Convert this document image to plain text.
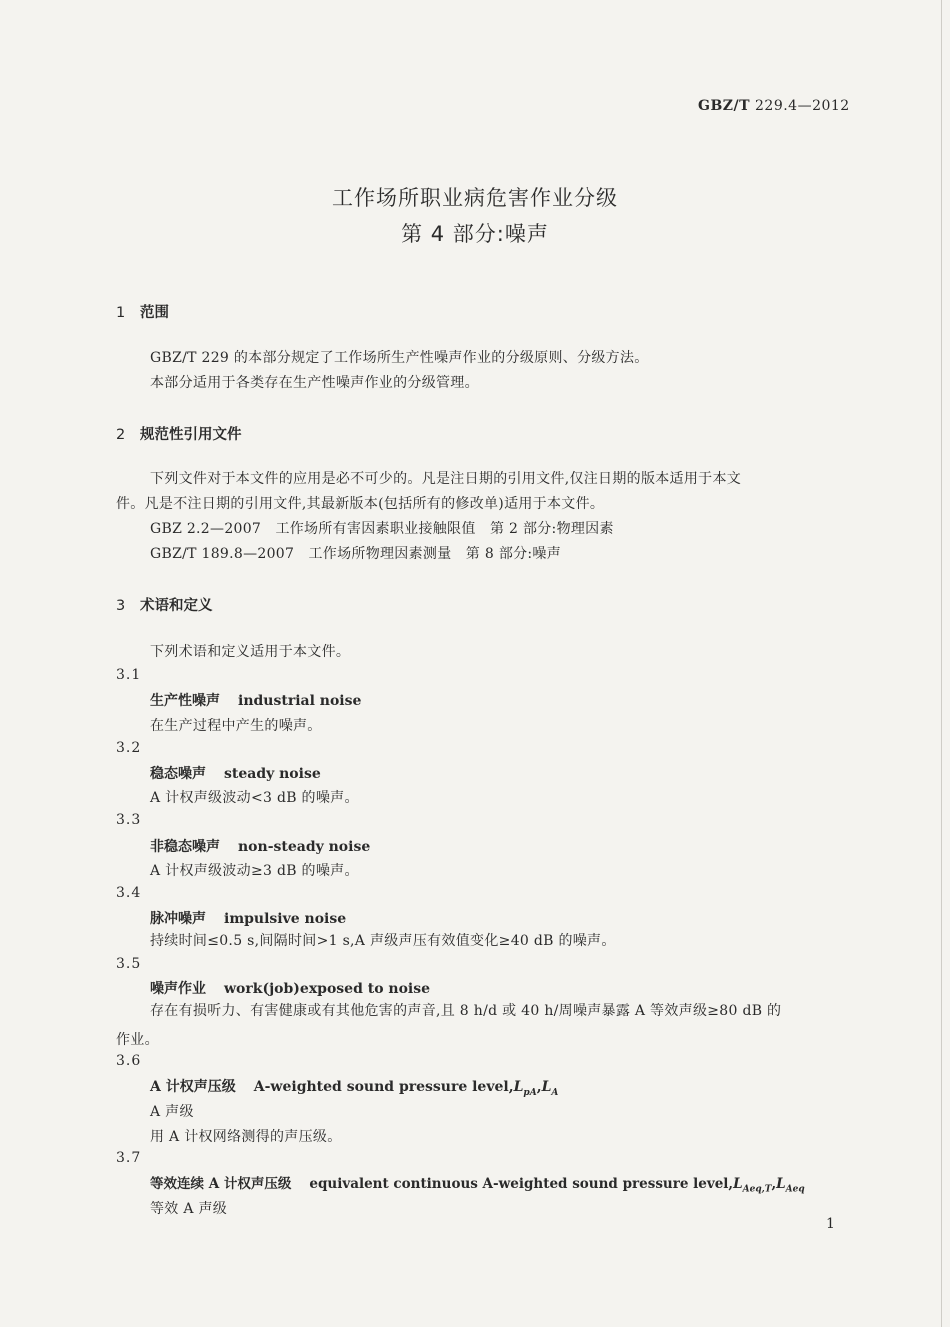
GBZ/T 229.4—2012
工作场所职业病危害作业分级
第 4 部分:噪声
1 范围
GBZ/T 229 的本部分规定了工作场所生产性噪声作业的分级原则、分级方法。
本部分适用于各类存在生产性噪声作业的分级管理。
2 规范性引用文件
下列文件对于本文件的应用是必不可少的。凡是注日期的引用文件,仅注日期的版本适用于本文
件。凡是不注日期的引用文件,其最新版本(包括所有的修改单)适用于本文件。
GBZ 2.2—2007　工作场所有害因素职业接触限值　第 2 部分:物理因素
GBZ/T 189.8—2007　工作场所物理因素测量　第 8 部分:噪声
3 术语和定义
下列术语和定义适用于本文件。
3.1
生产性噪声 industrial noise
在生产过程中产生的噪声。
3.2
稳态噪声 steady noise
A 计权声级波动<3 dB 的噪声。
3.3
非稳态噪声 non-steady noise
A 计权声级波动≥3 dB 的噪声。
3.4
脉冲噪声 impulsive noise
持续时间≤0.5 s,间隔时间>1 s,A 声级声压有效值变化≥40 dB 的噪声。
3.5
噪声作业 work(job)exposed to noise
存在有损听力、有害健康或有其他危害的声音,且 8 h/d 或 40 h/周噪声暴露 A 等效声级≥80 dB 的
作业。
3.6
A 计权声压级 A-weighted sound pressure $level,L_{pA},L_A$
A 声级
用 A 计权网络测得的声压级。
3.7
等效连续 A 计权声压级 equivalent continuous A-weighted sound pressure $level,L_{Aeq,T},L_{Aeq}$
等效 A 声级
1
